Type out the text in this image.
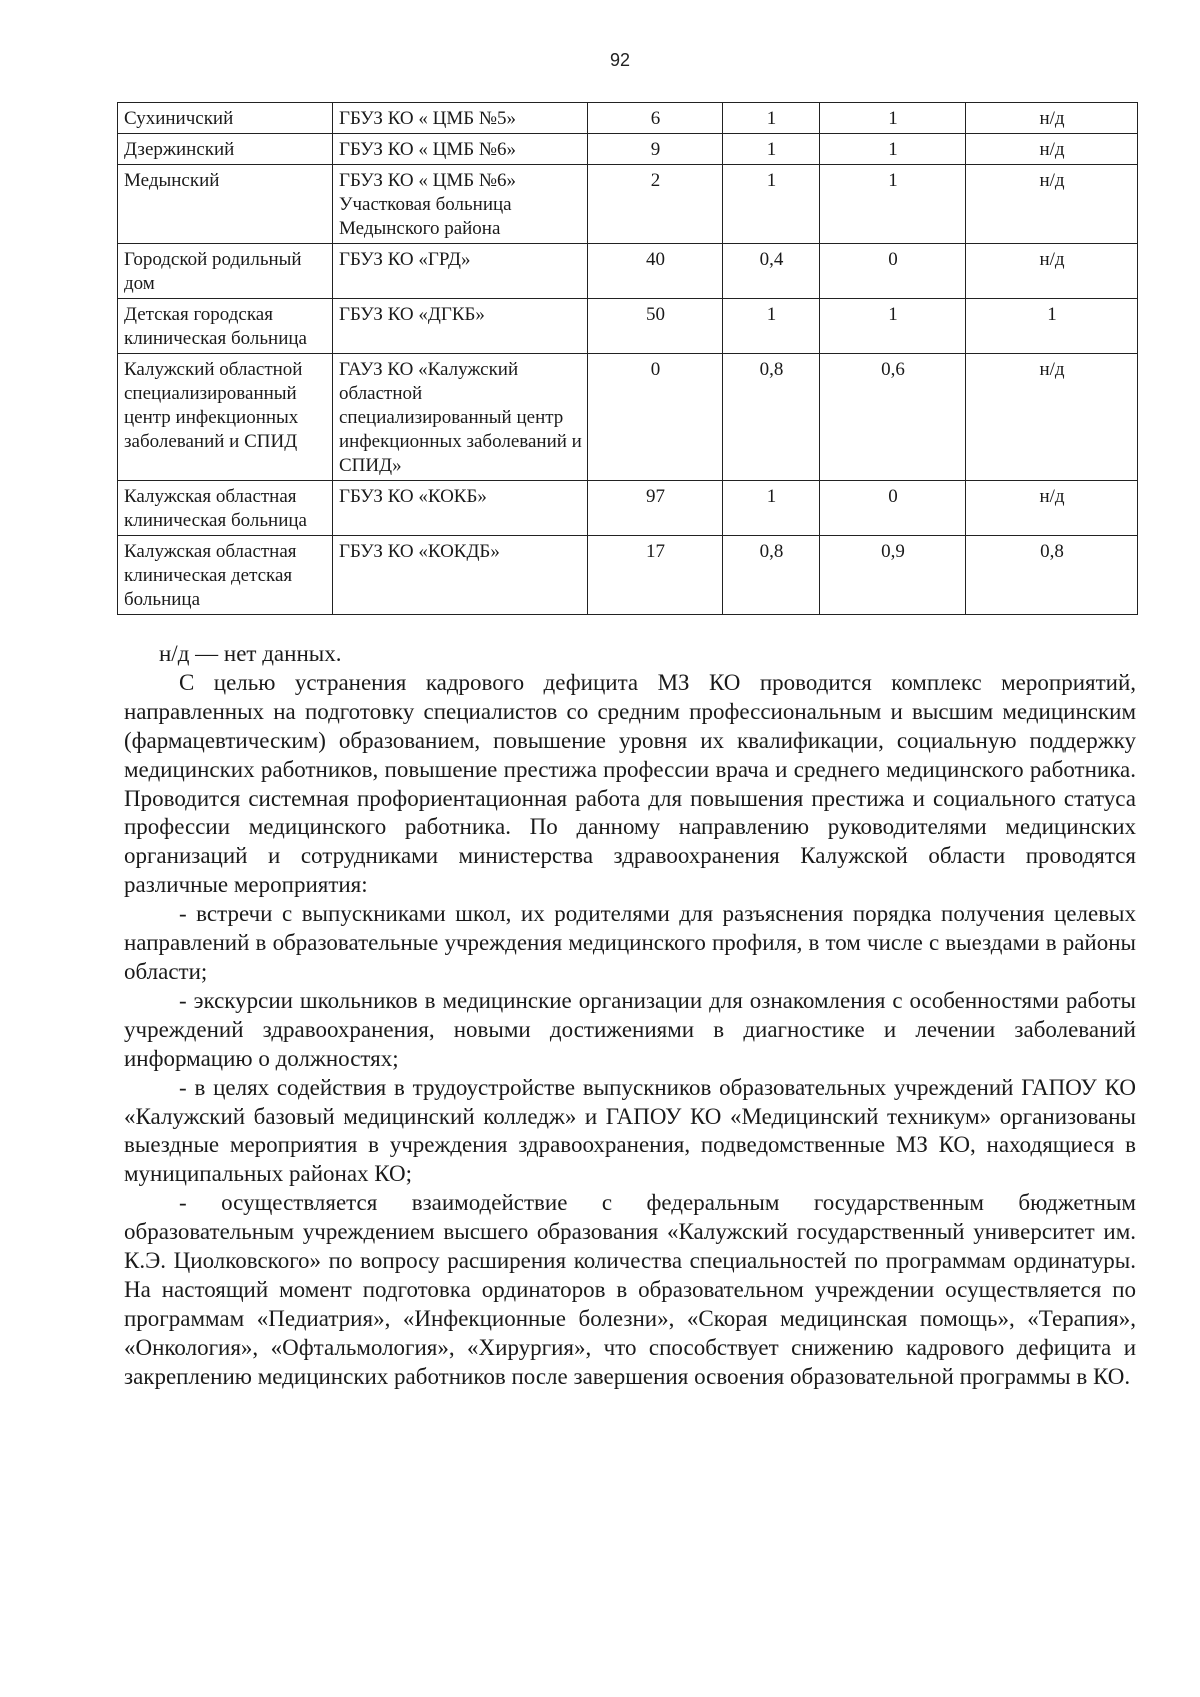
92
Сухиничский	ГБУЗ КО « ЦМБ №5»	6	1	1	н/д
Дзержинский	ГБУЗ КО « ЦМБ №6»	9	1	1	н/д
Медынский	ГБУЗ КО « ЦМБ №6» Участковая больница Медынского района	2	1	1	н/д
Городской родильный дом	ГБУЗ КО «ГРД»	40	0,4	0	н/д
Детская городская клиническая больница	ГБУЗ КО «ДГКБ»	50	1	1	1
Калужский областной специализированный центр инфекционных заболеваний и СПИД	ГАУЗ КО «Калужский областной специализированный центр инфекционных заболеваний и СПИД»	0	0,8	0,6	н/д
Калужская областная клиническая больница	ГБУЗ КО «КОКБ»	97	1	0	н/д
Калужская областная клиническая детская больница	ГБУЗ КО «КОКДБ»	17	0,8	0,9	0,8

н/д — нет данных.

С целью устранения кадрового дефицита МЗ КО проводится комплекс мероприятий, направленных на подготовку специалистов со средним профессиональным и высшим медицинским (фармацевтическим) образованием, повышение уровня их квалификации, социальную поддержку медицинских работников, повышение престижа профессии врача и среднего медицинского работника. Проводится системная профориентационная работа для повышения престижа и социального статуса профессии медицинского работника. По данному направлению руководителями медицинских организаций и сотрудниками министерства здравоохранения Калужской области проводятся различные мероприятия:

- встречи с выпускниками школ, их родителями для разъяснения порядка получения целевых направлений в образовательные учреждения медицинского профиля, в том числе с выездами в районы области;

- экскурсии школьников в медицинские организации для ознакомления с особенностями работы учреждений здравоохранения, новыми достижениями в диагностике и лечении заболеваний информацию о должностях;

- в целях содействия в трудоустройстве выпускников образовательных учреждений ГАПОУ КО «Калужский базовый медицинский колледж» и ГАПОУ КО «Медицинский техникум» организованы выездные мероприятия в учреждения здравоохранения, подведомственные МЗ КО, находящиеся в муниципальных районах КО;

- осуществляется взаимодействие с федеральным государственным бюджетным образовательным учреждением высшего образования «Калужский государственный университет им. К.Э. Циолковского» по вопросу расширения количества специальностей по программам ординатуры. На настоящий момент подготовка ординаторов в образовательном учреждении осуществляется по программам «Педиатрия», «Инфекционные болезни», «Скорая медицинская помощь», «Терапия», «Онкология», «Офтальмология», «Хирургия», что способствует снижению кадрового дефицита и закреплению медицинских работников после завершения освоения образовательной программы в КО.
